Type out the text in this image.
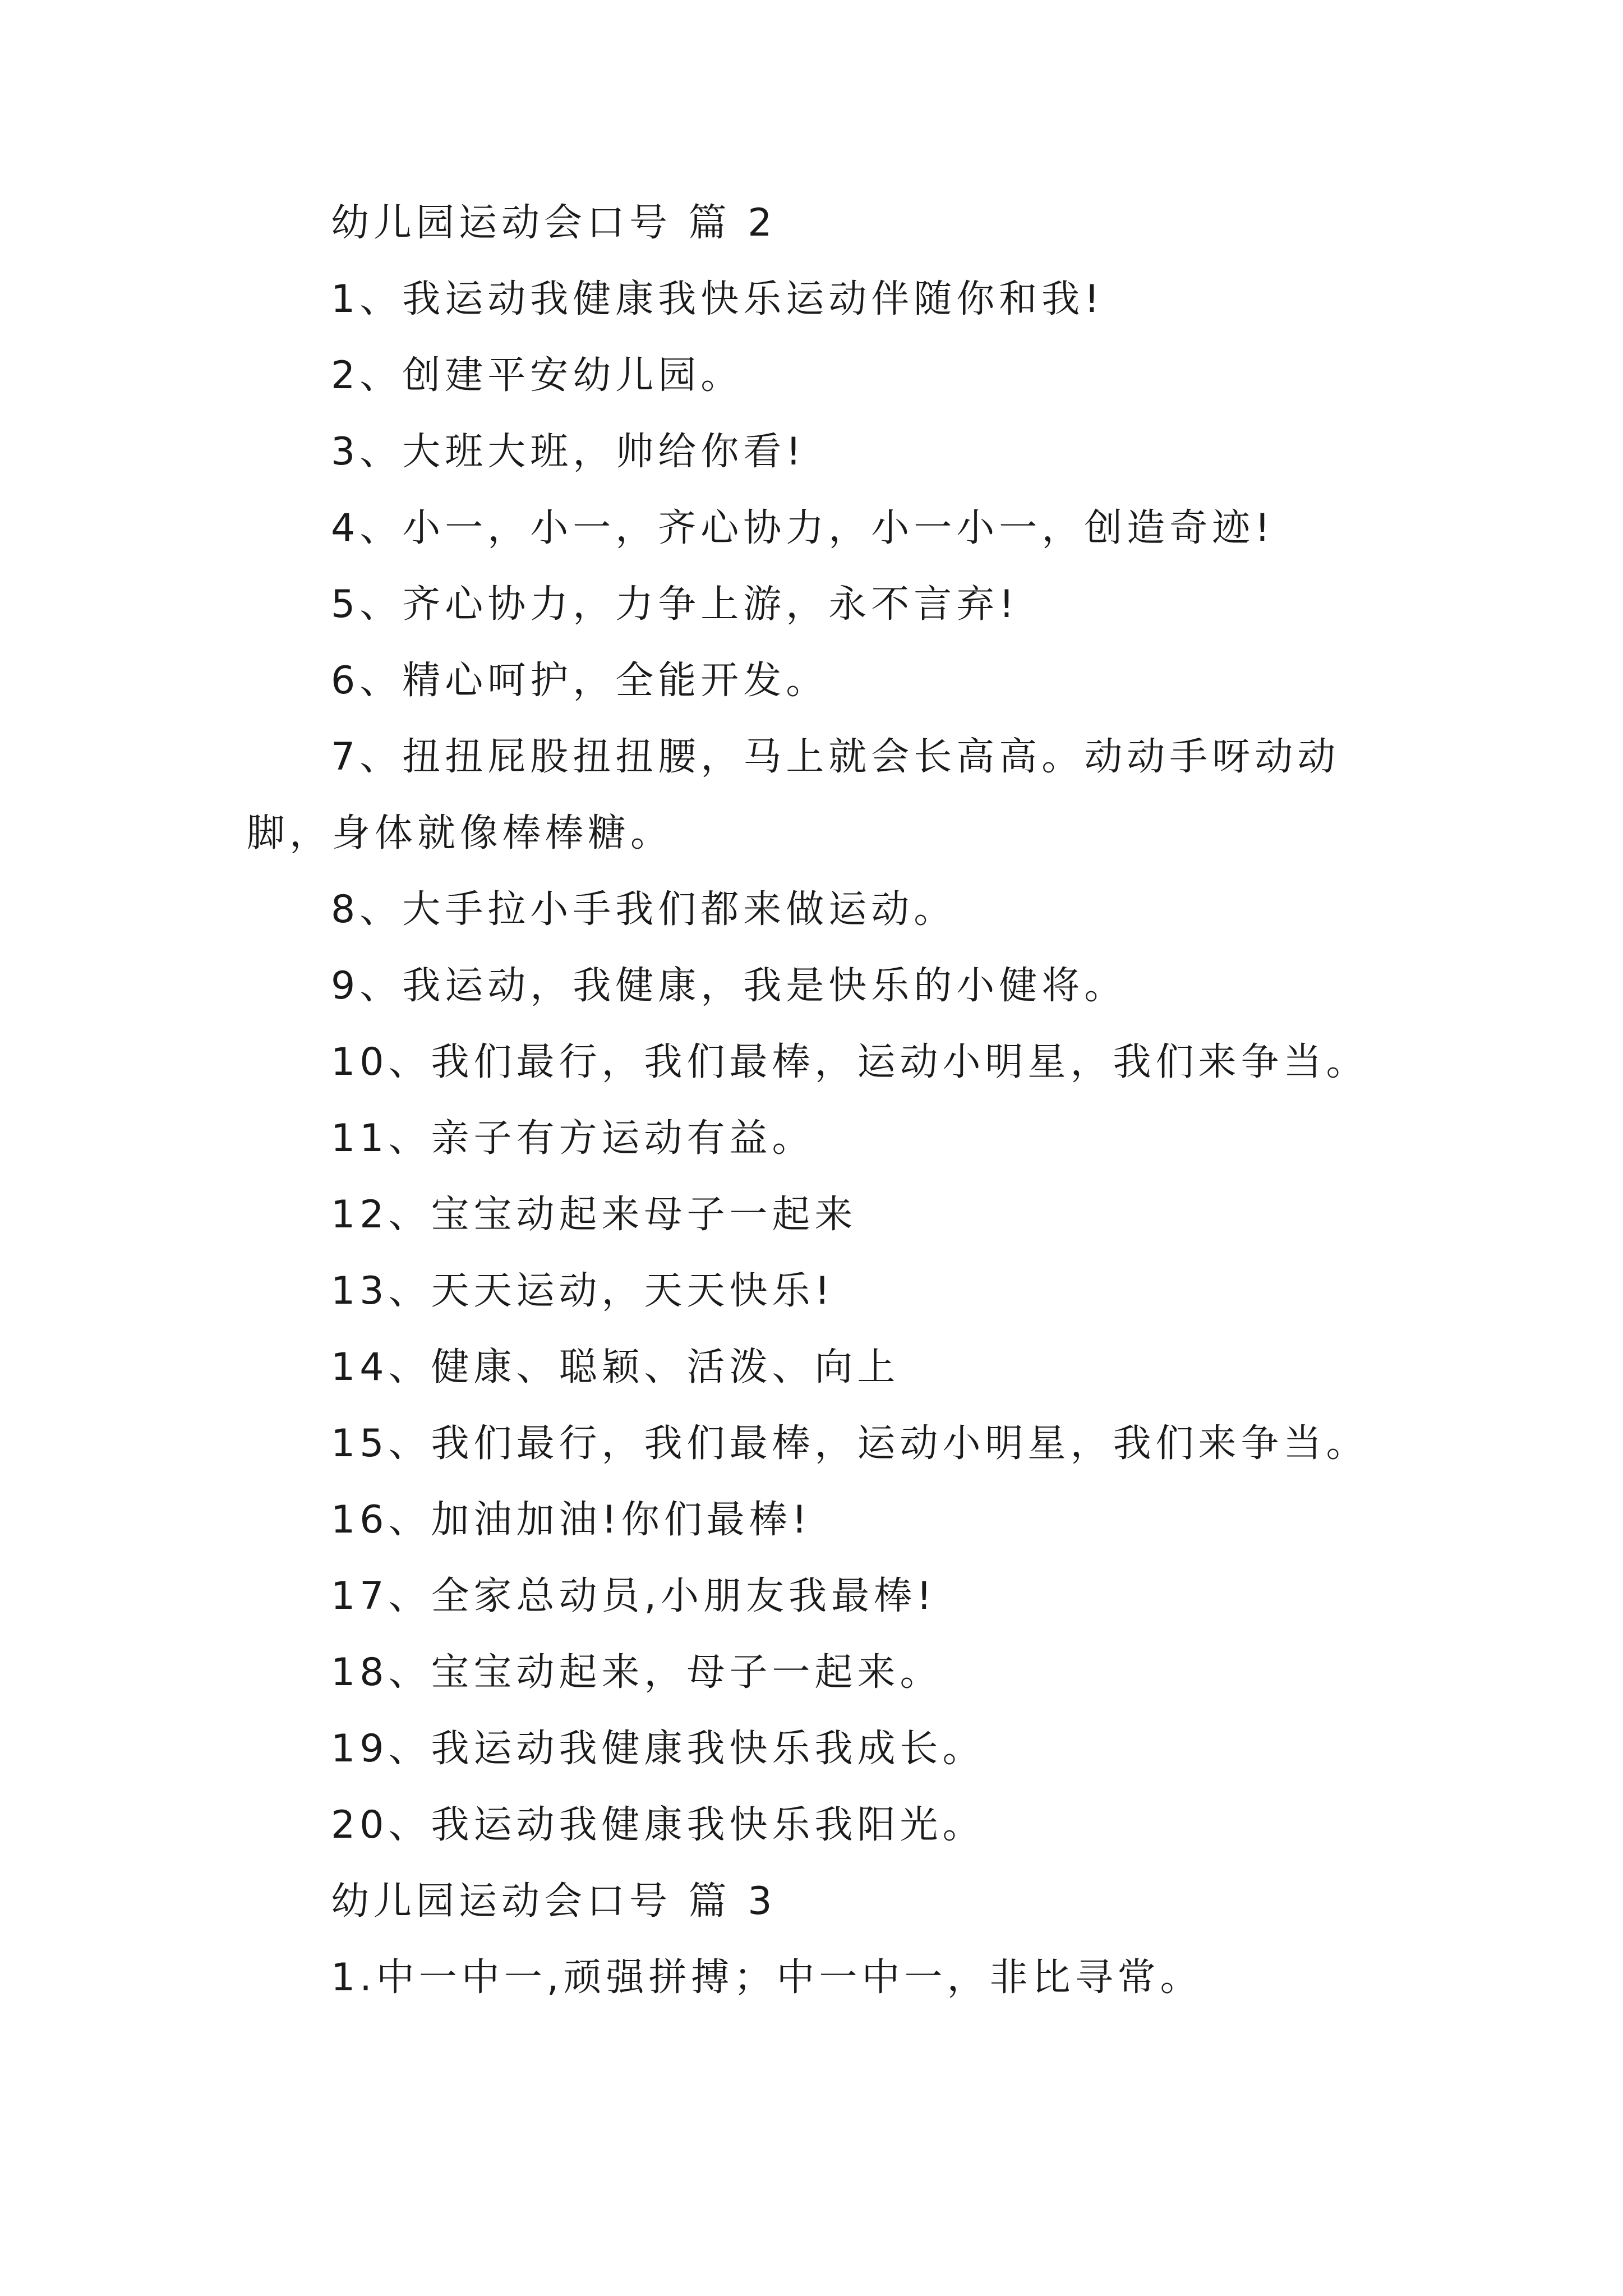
幼儿园运动会口号 篇 2
1、我运动我健康我快乐运动伴随你和我!
2、创建平安幼儿园。
3、大班大班，帅给你看!
4、小一，小一，齐心协力，小一小一，创造奇迹!
5、齐心协力，力争上游，永不言弃!
6、精心呵护，全能开发。
7、扭扭屁股扭扭腰，马上就会长高高。动动手呀动动
脚，身体就像棒棒糖。
8、大手拉小手我们都来做运动。
9、我运动，我健康，我是快乐的小健将。
10、我们最行，我们最棒，运动小明星，我们来争当。
11、亲子有方运动有益。
12、宝宝动起来母子一起来
13、天天运动，天天快乐!
14、健康、聪颖、活泼、向上
15、我们最行，我们最棒，运动小明星，我们来争当。
16、加油加油!你们最棒!
17、全家总动员,小朋友我最棒!
18、宝宝动起来，母子一起来。
19、我运动我健康我快乐我成长。
20、我运动我健康我快乐我阳光。
幼儿园运动会口号 篇 3
1.中一中一,顽强拼搏；中一中一，非比寻常。
